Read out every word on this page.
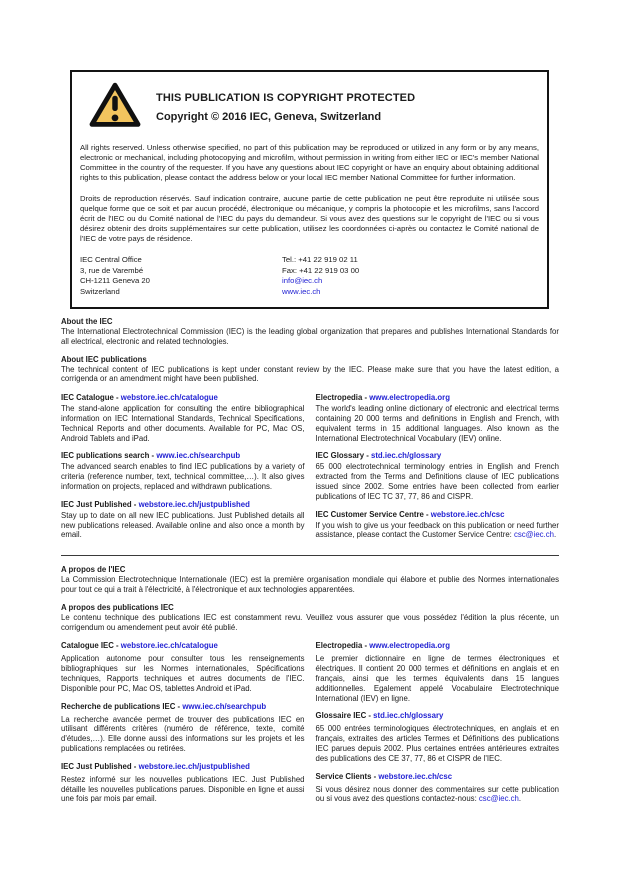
THIS PUBLICATION IS COPYRIGHT PROTECTED
Copyright © 2016 IEC, Geneva, Switzerland

All rights reserved. Unless otherwise specified, no part of this publication may be reproduced or utilized in any form or by any means, electronic or mechanical, including photocopying and microfilm, without permission in writing from either IEC or IEC's member National Committee in the country of the requester. If you have any questions about IEC copyright or have an enquiry about obtaining additional rights to this publication, please contact the address below or your local IEC member National Committee for further information.

Droits de reproduction réservés. Sauf indication contraire, aucune partie de cette publication ne peut être reproduite ni utilisée sous quelque forme que ce soit et par aucun procédé, électronique ou mécanique, y compris la photocopie et les microfilms, sans l'accord écrit de l'IEC ou du Comité national de l'IEC du pays du demandeur. Si vous avez des questions sur le copyright de l'IEC ou si vous désirez obtenir des droits supplémentaires sur cette publication, utilisez les coordonnées ci-après ou contactez le Comité national de l'IEC de votre pays de résidence.

IEC Central Office
3, rue de Varembé
CH-1211 Geneva 20
Switzerland
Tel.: +41 22 919 02 11
Fax: +41 22 919 03 00
info@iec.ch
www.iec.ch
About the IEC

The International Electrotechnical Commission (IEC) is the leading global organization that prepares and publishes International Standards for all electrical, electronic and related technologies.

About IEC publications

The technical content of IEC publications is kept under constant review by the IEC. Please make sure that you have the latest edition, a corrigenda or an amendment might have been published.

IEC Catalogue - webstore.iec.ch/catalogue

The stand-alone application for consulting the entire bibliographical information on IEC International Standards, Technical Specifications, Technical Reports and other documents. Available for PC, Mac OS, Android Tablets and iPad.

IEC publications search - www.iec.ch/searchpub

The advanced search enables to find IEC publications by a variety of criteria (reference number, text, technical committee,…). It also gives information on projects, replaced and withdrawn publications.

IEC Just Published - webstore.iec.ch/justpublished

Stay up to date on all new IEC publications. Just Published details all new publications released. Available online and also once a month by email.

Electropedia - www.electropedia.org

The world's leading online dictionary of electronic and electrical terms containing 20 000 terms and definitions in English and French, with equivalent terms in 15 additional languages. Also known as the International Electrotechnical Vocabulary (IEV) online.

IEC Glossary - std.iec.ch/glossary

65 000 electrotechnical terminology entries in English and French extracted from the Terms and Definitions clause of IEC publications issued since 2002. Some entries have been collected from earlier publications of IEC TC 37, 77, 86 and CISPR.

IEC Customer Service Centre - webstore.iec.ch/csc

If you wish to give us your feedback on this publication or need further assistance, please contact the Customer Service Centre: csc@iec.ch.

A propos de l'IEC

La Commission Electrotechnique Internationale (IEC) est la première organisation mondiale qui élabore et publie des Normes internationales pour tout ce qui a trait à l'électricité, à l'électronique et aux technologies apparentées.

A propos des publications IEC

Le contenu technique des publications IEC est constamment revu. Veuillez vous assurer que vous possédez l'édition la plus récente, un corrigendum ou amendement peut avoir été publié.

Catalogue IEC - webstore.iec.ch/catalogue

Application autonome pour consulter tous les renseignements bibliographiques sur les Normes internationales, Spécifications techniques, Rapports techniques et autres documents de l'IEC. Disponible pour PC, Mac OS, tablettes Android et iPad.

Recherche de publications IEC - www.iec.ch/searchpub

La recherche avancée permet de trouver des publications IEC en utilisant différents critères (numéro de référence, texte, comité d'études,…). Elle donne aussi des informations sur les projets et les publications remplacées ou retirées.

IEC Just Published - webstore.iec.ch/justpublished

Restez informé sur les nouvelles publications IEC. Just Published détaille les nouvelles publications parues. Disponible en ligne et aussi une fois par mois par email.

Electropedia - www.electropedia.org

Le premier dictionnaire en ligne de termes électroniques et électriques. Il contient 20 000 termes et définitions en anglais et en français, ainsi que les termes équivalents dans 15 langues additionnelles. Egalement appelé Vocabulaire Electrotechnique International (IEV) en ligne.

Glossaire IEC - std.iec.ch/glossary

65 000 entrées terminologiques électrotechniques, en anglais et en français, extraites des articles Termes et Définitions des publications IEC parues depuis 2002. Plus certaines entrées antérieures extraites des publications des CE 37, 77, 86 et CISPR de l'IEC.

Service Clients - webstore.iec.ch/csc

Si vous désirez nous donner des commentaires sur cette publication ou si vous avez des questions contactez-nous: csc@iec.ch.
